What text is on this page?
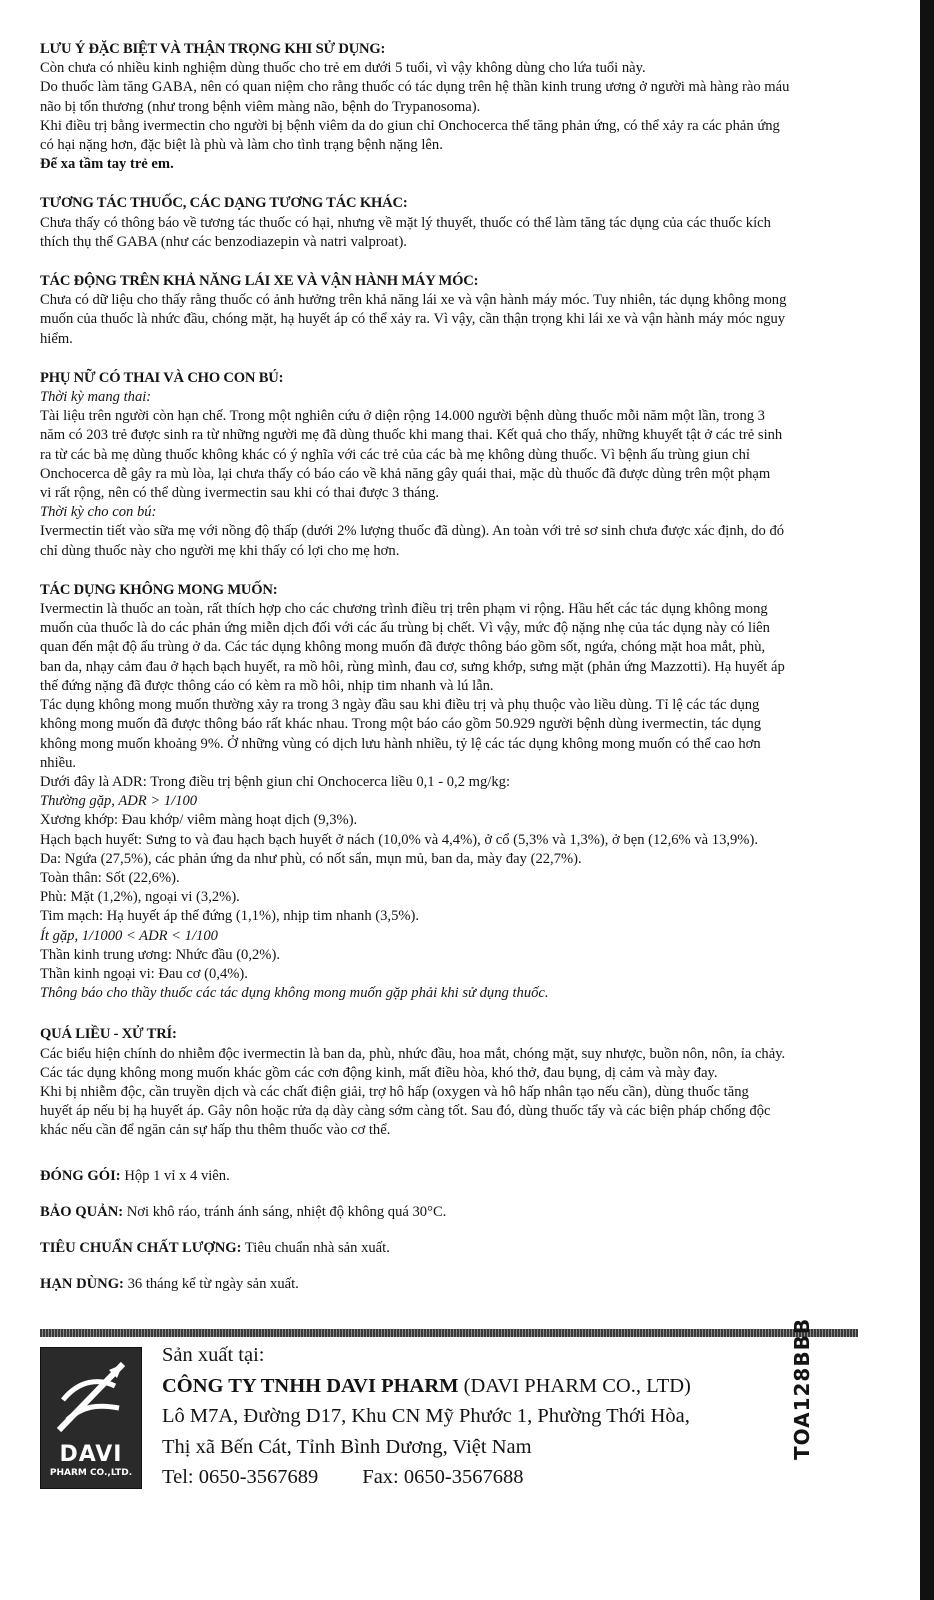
LƯU Ý ĐẶC BIỆT VÀ THẬN TRỌNG KHI SỬ DỤNG:
Còn chưa có nhiều kinh nghiệm dùng thuốc cho trẻ em dưới 5 tuổi, vì vậy không dùng cho lứa tuổi này.
Do thuốc làm tăng GABA, nên có quan niệm cho rằng thuốc có tác dụng trên hệ thần kinh trung ương ở người mà hàng rào máu
não bị tổn thương (như trong bệnh viêm màng não, bệnh do Trypanosoma).
Khi điều trị bằng ivermectin cho người bị bệnh viêm da do giun chỉ Onchocerca thể tăng phản ứng, có thể xảy ra các phản ứng
có hại nặng hơn, đặc biệt là phù và làm cho tình trạng bệnh nặng lên.
Để xa tầm tay trẻ em.
TƯƠNG TÁC THUỐC, CÁC DẠNG TƯƠNG TÁC KHÁC:
Chưa thấy có thông báo về tương tác thuốc có hại, nhưng về mặt lý thuyết, thuốc có thể làm tăng tác dụng của các thuốc kích
thích thụ thể GABA (như các benzodiazepin và natri valproat).
TÁC ĐỘNG TRÊN KHẢ NĂNG LÁI XE VÀ VẬN HÀNH MÁY MÓC:
Chưa có dữ liệu cho thấy rằng thuốc có ảnh hưởng trên khả năng lái xe và vận hành máy móc. Tuy nhiên, tác dụng không mong
muốn của thuốc là nhức đầu, chóng mặt, hạ huyết áp có thể xảy ra. Vì vậy, cần thận trọng khi lái xe và vận hành máy móc nguy
hiểm.
PHỤ NỮ CÓ THAI VÀ CHO CON BÚ:
Thời kỳ mang thai:
Tài liệu trên người còn hạn chế. Trong một nghiên cứu ở diện rộng 14.000 người bệnh dùng thuốc mỗi năm một lần, trong 3
năm có 203 trẻ được sinh ra từ những người mẹ đã dùng thuốc khi mang thai. Kết quả cho thấy, những khuyết tật ở các trẻ sinh
ra từ các bà mẹ dùng thuốc không khác có ý nghĩa với các trẻ của các bà mẹ không dùng thuốc. Vì bệnh ấu trùng giun chỉ
Onchocerca dễ gây ra mù lòa, lại chưa thấy có báo cáo về khả năng gây quái thai, mặc dù thuốc đã được dùng trên một phạm
vi rất rộng, nên có thể dùng ivermectin sau khi có thai được 3 tháng.
Thời kỳ cho con bú:
Ivermectin tiết vào sữa mẹ với nồng độ thấp (dưới 2% lượng thuốc đã dùng). An toàn với trẻ sơ sinh chưa được xác định, do đó
chỉ dùng thuốc này cho người mẹ khi thấy có lợi cho mẹ hơn.
TÁC DỤNG KHÔNG MONG MUỐN:
Ivermectin là thuốc an toàn, rất thích hợp cho các chương trình điều trị trên phạm vi rộng. Hầu hết các tác dụng không mong
muốn của thuốc là do các phản ứng miễn dịch đối với các ấu trùng bị chết. Vì vậy, mức độ nặng nhẹ của tác dụng này có liên
quan đến mật độ ấu trùng ở da. Các tác dụng không mong muốn đã được thông báo gồm sốt, ngứa, chóng mặt hoa mắt, phù,
ban da, nhạy cảm đau ở hạch bạch huyết, ra mồ hôi, rùng mình, đau cơ, sưng khớp, sưng mặt (phản ứng Mazzotti). Hạ huyết áp
thế đứng nặng đã được thông cáo có kèm ra mồ hôi, nhịp tim nhanh và lú lẫn.
Tác dụng không mong muốn thường xảy ra trong 3 ngày đầu sau khi điều trị và phụ thuộc vào liều dùng. Tỉ lệ các tác dụng
không mong muốn đã được thông báo rất khác nhau. Trong một báo cáo gồm 50.929 người bệnh dùng ivermectin, tác dụng
không mong muốn khoảng 9%. Ở những vùng có dịch lưu hành nhiều, tỷ lệ các tác dụng không mong muốn có thể cao hơn
nhiều.
Dưới đây là ADR: Trong điều trị bệnh giun chỉ Onchocerca liều 0,1 - 0,2 mg/kg:
Thường gặp, ADR > 1/100
Xương khớp: Đau khớp/ viêm màng hoạt dịch (9,3%).
Hạch bạch huyết: Sưng to và đau hạch bạch huyết ở nách (10,0% và 4,4%), ở cổ (5,3% và 1,3%), ở bẹn (12,6% và 13,9%).
Da: Ngứa (27,5%), các phản ứng da như phù, có nốt sẩn, mụn mủ, ban da, mày đay (22,7%).
Toàn thân: Sốt (22,6%).
Phù: Mặt (1,2%), ngoại vi (3,2%).
Tim mạch: Hạ huyết áp thế đứng (1,1%), nhịp tim nhanh (3,5%).
Ít gặp, 1/1000 < ADR < 1/100
Thần kinh trung ương: Nhức đầu (0,2%).
Thần kinh ngoại vi: Đau cơ (0,4%).
Thông báo cho thầy thuốc các tác dụng không mong muốn gặp phải khi sử dụng thuốc.
QUÁ LIỀU - XỬ TRÍ:
Các biểu hiện chính do nhiễm độc ivermectin là ban da, phù, nhức đầu, hoa mắt, chóng mặt, suy nhược, buồn nôn, nôn, ỉa chảy.
Các tác dụng không mong muốn khác gồm các cơn động kinh, mất điều hòa, khó thở, đau bụng, dị cảm và mày đay.
Khi bị nhiễm độc, cần truyền dịch và các chất điện giải, trợ hô hấp (oxygen và hô hấp nhân tạo nếu cần), dùng thuốc tăng
huyết áp nếu bị hạ huyết áp. Gây nôn hoặc rửa dạ dày càng sớm càng tốt. Sau đó, dùng thuốc tẩy và các biện pháp chống độc
khác nếu cần để ngăn cản sự hấp thu thêm thuốc vào cơ thể.
ĐÓNG GÓI: Hộp 1 vỉ x 4 viên.
BẢO QUẢN: Nơi khô ráo, tránh ánh sáng, nhiệt độ không quá 30°C.
TIÊU CHUẨN CHẤT LƯỢNG: Tiêu chuẩn nhà sản xuất.
HẠN DÙNG: 36 tháng kể từ ngày sản xuất.
DAVI
PHARM CO.,LTD.
Sản xuất tại:
CÔNG TY TNHH DAVI PHARM (DAVI PHARM CO., LTD)
Lô M7A, Đường D17, Khu CN Mỹ Phước 1, Phường Thới Hòa,
Thị xã Bến Cát, Tỉnh Bình Dương, Việt Nam
Tel: 0650-3567689 Fax: 0650-3567688
TOA128BBB
